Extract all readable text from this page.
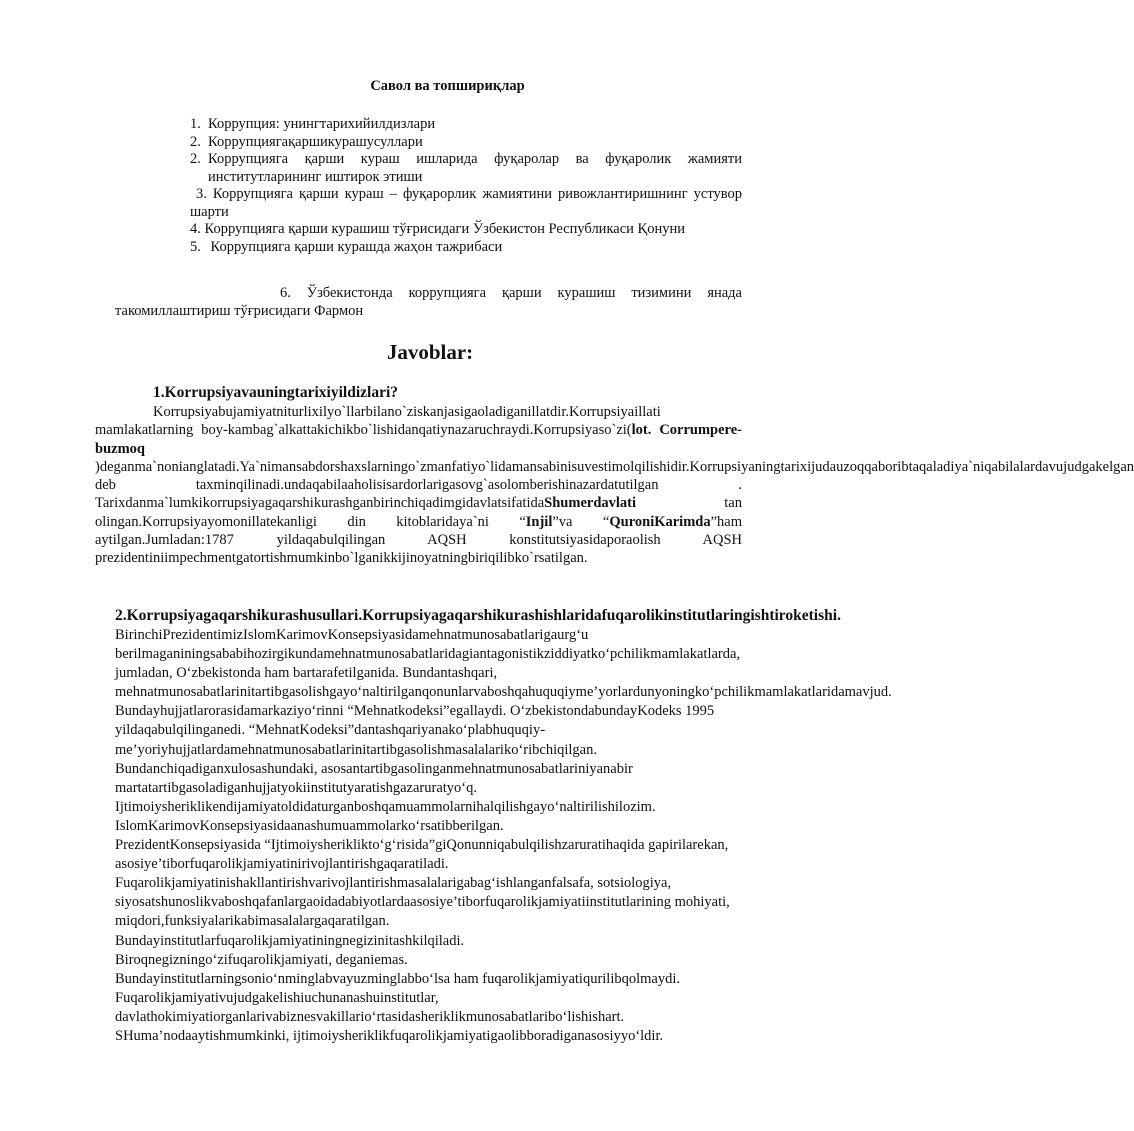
Савол ва топшириқлар
1. Коррупция: унингтарихийилдизлари
2. Коррупциягақаршикурашусуллари
2. Коррупцияга қарши кураш ишларида фуқаролар ва фуқаролик жамияти институтларининг иштирок этиши
3. Коррупцияга қарши кураш – фуқарорлик жамиятини ривожлантиришнинг устувор шарти
4. Коррупцияга қарши курашиш тўғрисидаги Ўзбекистон Республикаси Қонуни
5. Коррупцияга қарши курашда жаҳон тажрибаси
6. Ўзбекистонда коррупцияга қарши курашиш тизимини янада такомиллаштириш тўғрисидаги Фармон
Javoblar:
1.Korrupsiyavauningtarixiyildizlari?
Korrupsiyabujamiyatniturlixilyo`llarbilano`ziskanjasigaoladiganillatdir.Korrupsiyaillati mamlakatlarning boy-kambag`alkattakichikbo`lishidanqatiynazaruchraydi.Korrupsiyaso`zi(lot. Corrumpere-buzmoq )deganma`nonianglatadi.Ya`nimansabdorshaxslarningo`zmanfatiyo`lidamansabinisuvestimolqilishidir.Korrupsiyaningtarixijudauzoqqaboribtaqaladiya`niqabilalardavujudgakelgan deb taxminqilinadi.undaqabilaaholisisardorlarigasovg`asolomberishinazardatutilgan . Tarixdanma`lumkikorrupsiyagaqarshikurashganbirinchiqadimgidavlatsifatidaShumerdavlati tan olingan.Korrupsiyayomonillatekanligi din kitoblaridaya`ni “Injil”va “QuroniKarimda”ham aytilgan.Jumladan:1787 yildaqabulqilingan AQSH konstitutsiyasidaporaolish AQSH prezidentiniimpechmentgatortishmumkinbo`lganikkijinoyatningbiriqilibko`rsatilgan.
2.Korrupsiyagaqarshikurashusullari.Korrupsiyagaqarshikurashishlaridafuqarolikinstitutlaringishtiroketishi.

BirinchiPrezidentimizIslomKarimovKonsepsiyasidamehnatmunosabatlarigaurg‘u berilmaganiningsababihozirgikundamehnatmunosabatlaridagiantagonistikziddiyatko‘pchilikmamlakatlarda, jumladan, O‘zbekistonda ham bartarafetilganida. Bundantashqari, mehnatmunosabatlarinitartibgasolishgayo‘naltirilganqonunlarvaboshqahuquqiyme’yorlardunyoningko‘pchilikmamlakatlaridamavjud. Bundayhujjatlarorasidamarkaziyo‘rinni “Mehnatkodeksi”egallaydi. O‘zbekistondabundayKodeks 1995 yildaqabulqilinganedi. “MehnatKodeksi”dantashqariyanako‘plabhuquqiy-me’yoriyhujjatlardamehnatmunosabatlarinitartibgasolishmasalalariko‘ribchiqilgan.

Bundanchiqadiganxulosashundaki, asosantartibgasolinganmehnatmunosabatlariniyanabir martatartibgasoladiganhujjatyokiinstitutyaratishgazaruratyo‘q.

Ijtimoiysheriklikendijamiyatoldidaturganboshqamuammolarnihalqilishgayo‘naltirilishilozim.

IslomKarimovKonsepsiyasidaanashumuammolarko‘rsatibberilgan.

PrezidentKonsepsiyasida “Ijtimoiysheriklikto‘g‘risida”giQonunniqabulqilishzaruratihaqida gapirilarekan, asosiye’tiborfuqarolikjamiyatinirivojlantirishgaqaratiladi.

Fuqarolikjamiyatinishakllantirishvarivojlantirishmasalalarigabag‘ishlanganfalsafa, sotsiologiya, siyosatshunoslikvaboshqafanlargaoidadabiyotlardaasosiye’tiborfuqarolikjamiyatiinstitutlarining mohiyati, miqdori,funksiyalarikabimasalalargaqaratilgan.

Bundayinstitutlarfuqarolikjamiyatiningnegizinitashkilqiladi.

Biroqnegizningo‘zifuqarolikjamiyati, deganiemas.

Bundayinstitutlarningsonio‘nminglabvayuzminglabbo‘lsa ham fuqarolikjamiyatiqurilibqolmaydi.

Fuqarolikjamiyativujudgakelishiuchunanashuinstitutlar, davlathokimiyatiorganlarivabiznesvakillario‘rtasidasheriklikmunosabatlaribo‘lishishart.

SHuma’nodaaytishmumkinki, ijtimoiysheriklikfuqarolikjamiyatigaolibboradiganasosiyyo‘ldir.
